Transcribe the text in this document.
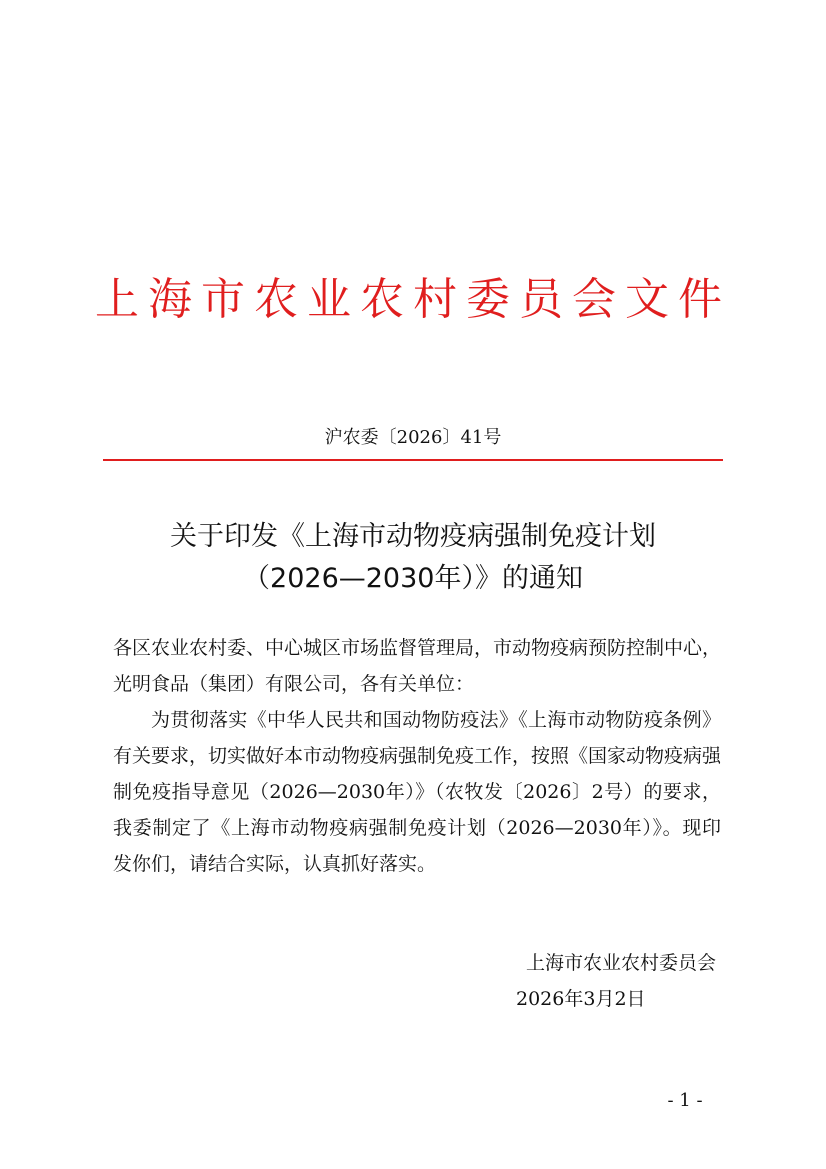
上海市农业农村委员会文件
沪农委〔2026〕41号
关于印发《上海市动物疫病强制免疫计划
（2026—2030年）》的通知

各区农业农村委、中心城区市场监督管理局，市动物疫病预防控制中心，光明食品（集团）有限公司，各有关单位：

为贯彻落实《中华人民共和国动物防疫法》《上海市动物防疫条例》有关要求，切实做好本市动物疫病强制免疫工作，按照《国家动物疫病强制免疫指导意见（2026—2030年）》（农牧发〔2026〕2号）的要求，我委制定了《上海市动物疫病强制免疫计划（2026—2030年）》。现印发你们，请结合实际，认真抓好落实。

上海市农业农村委员会
2026年3月2日
- 1 -
